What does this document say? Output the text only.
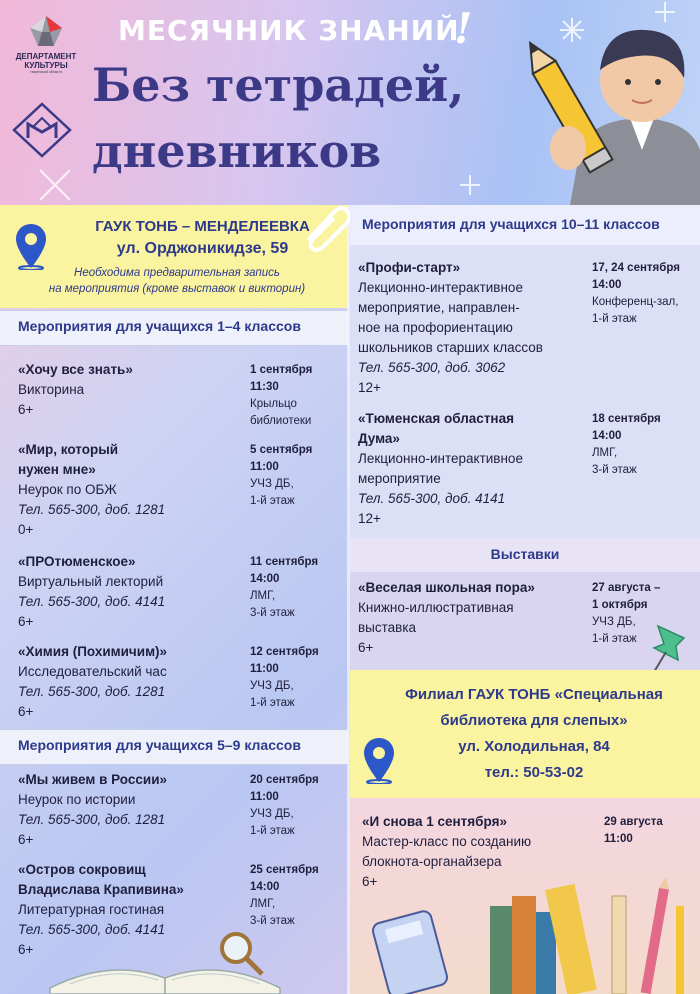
ДЕПАРТАМЕНТ
КУЛЬТУРЫ
тюменской области
МЕСЯЧНИК ЗНАНИЙ
!
Без тетрадей,
дневников
ГАУК ТОНБ – МЕНДЕЛЕЕВКА
ул. Орджоникидзе, 59
Необходима предварительная запись
на мероприятия (кроме выставок и викторин)
Мероприятия для учащихся 1–4 классов
«Хочу все знать»
Викторина
6+
1 сентября
11:30
Крыльцо
библиотеки
«Мир, который
нужен мне»
Неурок по ОБЖ
Тел. 565-300, доб. 1281
0+
5 сентября
11:00
УЧЗ ДБ,
1-й этаж
«ПРОтюменское»
Виртуальный лекторий
Тел. 565-300, доб. 4141
6+
11 сентября
14:00
ЛМГ,
3-й этаж
«Химия (Похимичим)»
Исследовательский час
Тел. 565-300, доб. 1281
6+
12 сентября
11:00
УЧЗ ДБ,
1-й этаж
Мероприятия для учащихся 5–9 классов
«Мы живем в России»
Неурок по истории
Тел. 565-300, доб. 1281
6+
20 сентября
11:00
УЧЗ ДБ,
1-й этаж
«Остров сокровищ
Владислава Крапивина»
Литературная гостиная
Тел. 565-300, доб. 4141
6+
25 сентября
14:00
ЛМГ,
3-й этаж
Мероприятия для учащихся 10–11 классов
«Профи-старт»
Лекционно-интерактивное
мероприятие, направлен-
ное на профориентацию
школьников старших классов
Тел. 565-300, доб. 3062
12+
17, 24 сентября
14:00
Конференц-зал,
1-й этаж
«Тюменская областная
Дума»
Лекционно-интерактивное
мероприятие
Тел. 565-300, доб. 4141
12+
18 сентября
14:00
ЛМГ,
3-й этаж
Выставки
«Веселая школьная пора»
Книжно-иллюстративная
выставка
6+
27 августа –
1 октября
УЧЗ ДБ,
1-й этаж
Филиал ГАУК ТОНБ «Специальная
библиотека для слепых»
ул. Холодильная, 84
тел.: 50-53-02
«И снова 1 сентября»
Мастер-класс по созданию
блокнота-органайзера
6+
29 августа
11:00
